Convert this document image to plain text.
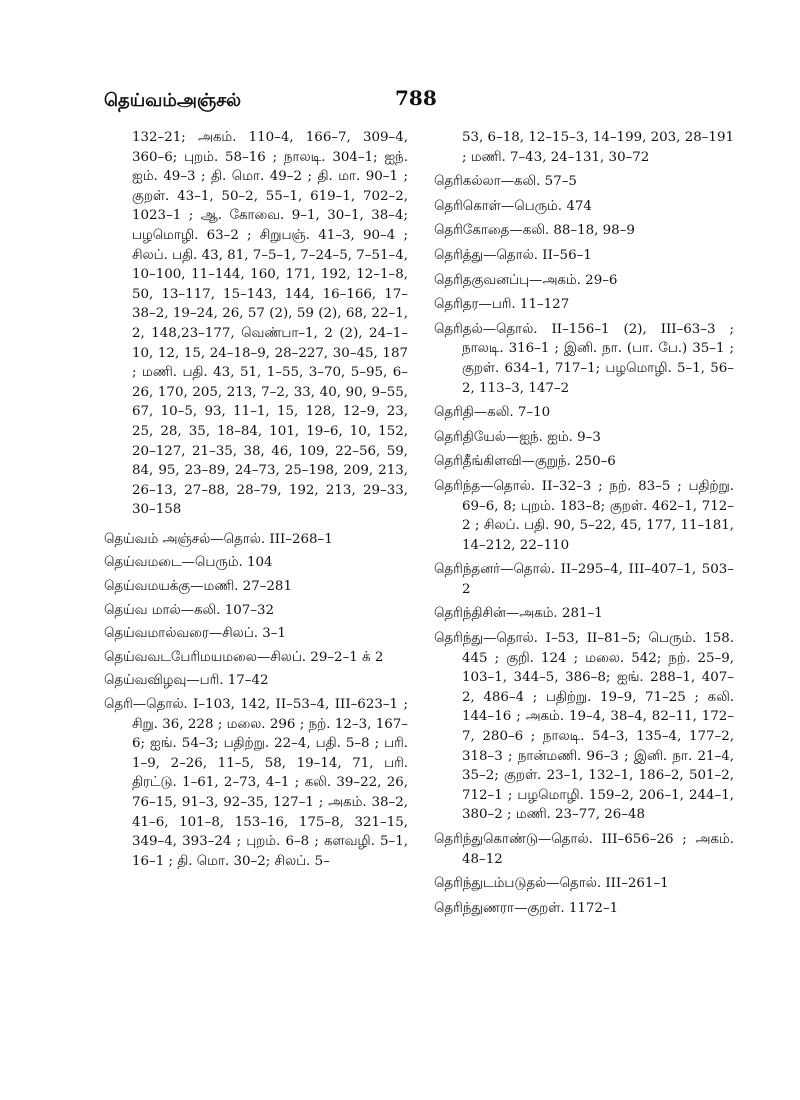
தெய்வம்அஞ்சல்	788

132–21; அகம். 110–4, 166–7, 309–4, 360–6; புறம். 58–16 ; நாலடி. 304–1; ஐந். ஐம். 49–3 ; தி. மொ. 49–2 ; தி. மா. 90–1 ; குறள். 43–1, 50–2, 55–1, 619–1, 702–2, 1023–1 ; ஆ. கோவை. 9–1, 30–1, 38–4; பழமொழி. 63–2 ; சிறுபஞ். 41–3, 90–4 ; சிலப். பதி. 43, 81, 7–5–1, 7–24–5, 7–51–4, 10–100, 11–144, 160, 171, 192, 12–1–8, 50, 13–117, 15–143, 144, 16–166, 17–38–2, 19–24, 26, 57 (2), 59 (2), 68, 22–1, 2, 148,23–177, வெண்பா–1, 2 (2), 24–1–10, 12, 15, 24–18–9, 28–227, 30–45, 187 ; மணி. பதி. 43, 51, 1–55, 3–70, 5–95, 6–26, 170, 205, 213, 7–2, 33, 40, 90, 9–55, 67, 10–5, 93, 11–1, 15, 128, 12–9, 23, 25, 28, 35, 18–84, 101, 19–6, 10, 152, 20–127, 21–35, 38, 46, 109, 22–56, 59, 84, 95, 23–89, 24–73, 25–198, 209, 213, 26–13, 27–88, 28–79, 192, 213, 29–33, 30–158

தெய்வம் அஞ்சல்—தொல். III–268–1

தெய்வமடை—பெரும். 104

தெய்வமயக்கு—மணி. 27–281

தெய்வ மால்—கலி. 107–32

தெய்வமால்வரை—சிலப். 3–1

தெய்வவடபேரிமயமலை—சிலப். 29–2–1 க் 2

தெய்வவிழவு—பரி. 17–42

தெரி—தொல். I–103, 142, II–53–4, III–623–1 ; சிறு. 36, 228 ; மலை. 296 ; நற். 12–3, 167–6; ஐங். 54–3; பதிற்று. 22–4, பதி. 5–8 ; பரி. 1–9, 2–26, 11–5, 58, 19–14, 71, பரி. திரட்டு. 1–61, 2–73, 4–1 ; கலி. 39–22, 26, 76–15, 91–3, 92–35, 127–1 ; அகம். 38–2, 41–6, 101–8, 153–16, 175–8, 321–15, 349–4, 393–24 ; புறம். 6–8 ; களவழி. 5–1, 16–1 ; தி. மொ. 30–2; சிலப். 5–

53, 6–18, 12–15–3, 14–199, 203, 28–191 ; மணி. 7–43, 24–131, 30–72

தெரிகல்லா—கலி. 57–5

தெரிகொள்—பெரும். 474

தெரிகோதை—கலி. 88–18, 98–9

தெரித்து—தொல். II–56–1

தெரிதகுவனப்பு—அகம். 29–6

தெரிதர—பரி. 11–127

தெரிதல்—தொல். II–156–1 (2), III–63–3 ; நாலடி. 316–1 ; இனி. நா. (பா. பே.) 35–1 ; குறள். 634–1, 717–1; பழமொழி. 5–1, 56–2, 113–3, 147–2

தெரிதி—கலி. 7–10

தெரிதியேல்—ஐந். ஐம். 9–3

தெரிதீங்கிளவி—குறுந். 250–6

தெரிந்த—தொல். II–32–3 ; நற். 83–5 ; பதிற்று. 69–6, 8; புறம். 183–8; குறள். 462–1, 712–2 ; சிலப். பதி. 90, 5–22, 45, 177, 11–181, 14–212, 22–110

தெரிந்தனர்—தொல். II–295–4, III–407–1, 503–2

தெரிந்திசின்—அகம். 281–1

தெரிந்து—தொல். I–53, II–81–5; பெரும். 158. 445 ; குறி. 124 ; மலை. 542; நற். 25–9, 103–1, 344–5, 386–8; ஐங். 288–1, 407–2, 486–4 ; பதிற்று. 19–9, 71–25 ; கலி. 144–16 ; அகம். 19–4, 38–4, 82–11, 172–7, 280–6 ; நாலடி. 54–3, 135–4, 177–2, 318–3 ; நான்மணி. 96–3 ; இனி. நா. 21–4, 35–2; குறள். 23–1, 132–1, 186–2, 501–2, 712–1 ; பழமொழி. 159–2, 206–1, 244–1, 380–2 ; மணி. 23–77, 26–48

தெரிந்துகொண்டு—தொல். III–656–26 ; அகம். 48–12

தெரிந்துடம்படுதல்—தொல். III–261–1

தெரிந்துணரா—குறள். 1172–1
